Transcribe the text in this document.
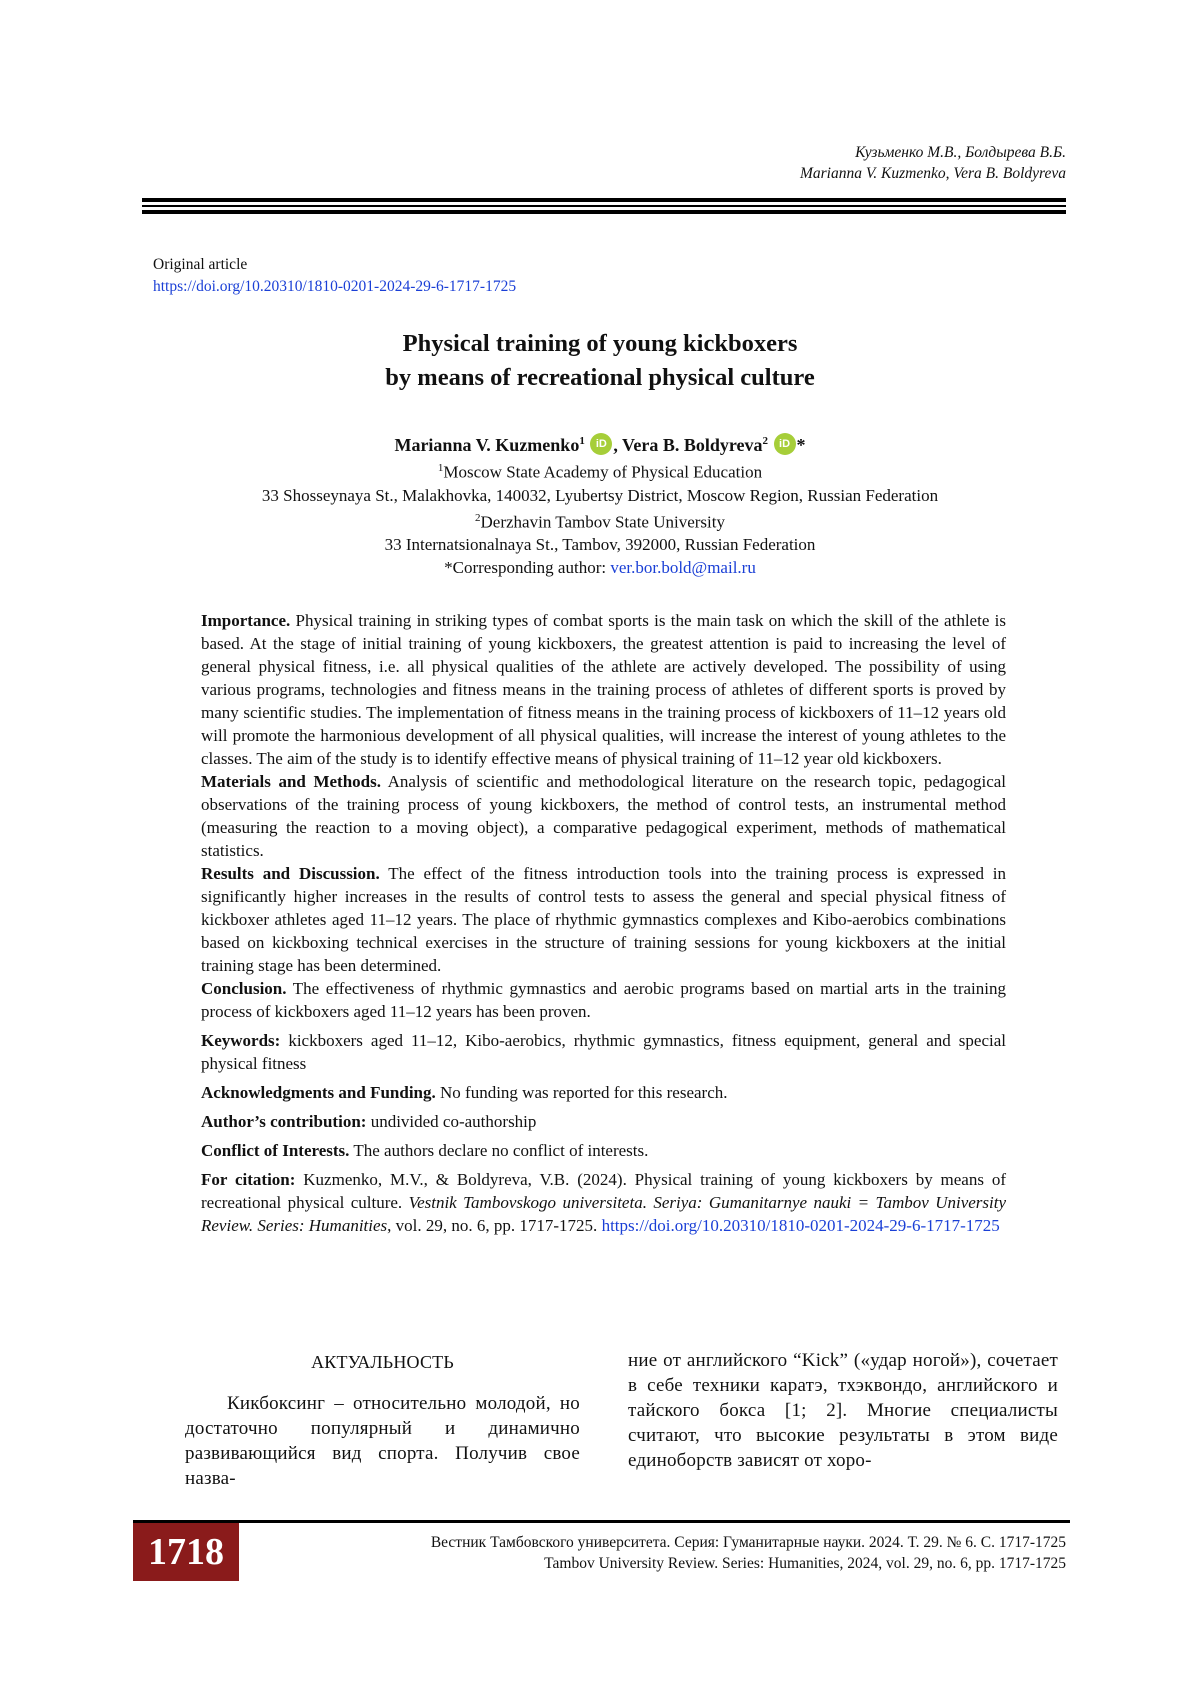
Кузьменко М.В., Болдырева В.Б.
Marianna V. Kuzmenko, Vera B. Boldyreva
Original article
https://doi.org/10.20310/1810-0201-2024-29-6-1717-1725
Physical training of young kickboxers
by means of recreational physical culture
Marianna V. Kuzmenko$^1$ iD , Vera B. Boldyreva$^2$ iD *
$^1$Moscow State Academy of Physical Education
33 Shosseynaya St., Malakhovka, 140032, Lyubertsy District, Moscow Region, Russian Federation
$^2$Derzhavin Tambov State University
33 Internatsionalnaya St., Tambov, 392000, Russian Federation
*Corresponding author: ver.bor.bold@mail.ru

Importance. Physical training in striking types of combat sports is the main task on which the skill of the athlete is based. At the stage of initial training of young kickboxers, the greatest attention is paid to increasing the level of general physical fitness, i.e. all physical qualities of the athlete are actively developed. The possibility of using various programs, technologies and fitness means in the training process of athletes of different sports is proved by many scientific studies. The implementation of fitness means in the training process of kickboxers of 11–12 years old will promote the harmonious development of all physical qualities, will increase the interest of young athletes to the classes. The aim of the study is to identify effective means of physical training of 11–12 year old kickboxers.

Materials and Methods. Analysis of scientific and methodological literature on the research topic, pedagogical observations of the training process of young kickboxers, the method of control tests, an instrumental method (measuring the reaction to a moving object), a comparative pedagogical experiment, methods of mathematical statistics.

Results and Discussion. The effect of the fitness introduction tools into the training process is expressed in significantly higher increases in the results of control tests to assess the general and special physical fitness of kickboxer athletes aged 11–12 years. The place of rhythmic gymnastics complexes and Kibo-aerobics combinations based on kickboxing technical exercises in the structure of training sessions for young kickboxers at the initial training stage has been determined.

Conclusion. The effectiveness of rhythmic gymnastics and aerobic programs based on martial arts in the training process of kickboxers aged 11–12 years has been proven.

Keywords: kickboxers aged 11–12, Kibo-aerobics, rhythmic gymnastics, fitness equipment, general and special physical fitness

Acknowledgments and Funding. No funding was reported for this research.

Author’s contribution: undivided co-authorship

Conflict of Interests. The authors declare no conflict of interests.

For citation: Kuzmenko, M.V., & Boldyreva, V.B. (2024). Physical training of young kickboxers by means of recreational physical culture. Vestnik Tambovskogo universiteta. Seriya: Gumanitarnye nauki = Tambov University Review. Series: Humanities, vol. 29, no. 6, pp. 1717-1725. https://doi.org/10.20310/1810-0201-2024-29-6-1717-1725

АКТУАЛЬНОСТЬ

Кикбоксинг – относительно молодой, но достаточно популярный и динамично развивающийся вид спорта. Получив свое назва-

ние от английского “Kick” («удар ногой»), сочетает в себе техники каратэ, тхэквондо, английского и тайского бокса [1; 2]. Многие специалисты считают, что высокие результаты в этом виде единоборств зависят от хоро-

1718	Вестник Тамбовского университета. Серия: Гуманитарные науки. 2024. Т. 29. № 6. С. 1717-1725
Tambov University Review. Series: Humanities, 2024, vol. 29, no. 6, pp. 1717-1725
